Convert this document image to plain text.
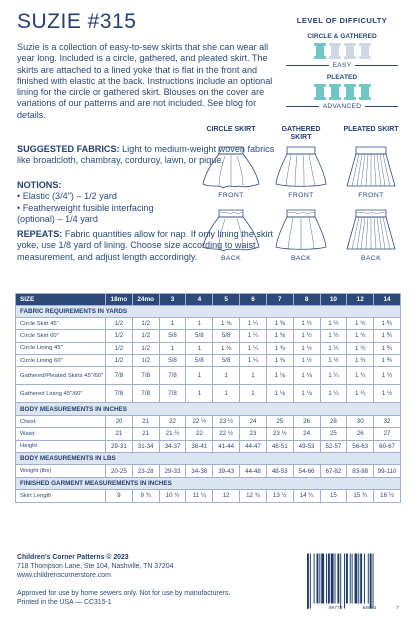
SUZIE #315

Suzie is a collection of easy-to-sew skirts that she can wear all year long. Included is a circle, gathered, and pleated skirt. The skirts are attached to a lined yoke that is flat in the front and finished with elastic at the back. Instructions include an optional lining for the circle or gathered skirt. Blouses on the cover are variations of our patterns and are not included. See blog for details.

SUGGESTED FABRICS: Light to medium-weight woven fabrics like broadcloth, chambray, corduroy, lawn, or pique.

NOTIONS:
• Elastic (3/4") – 1/2 yard
• Featherweight fusible interfacing (optional) – 1/4 yard

REPEATS: Fabric quantities allow for nap. If only lining the skirt yoke, use 1/8 yard of lining. Choose size according to waist measurement, and adjust length accordingly.

LEVEL OF DIFFICULTY
CIRCLE & GATHERED
EASY
PLEATED
ADVANCED
CIRCLE SKIRT
FRONT
GATHERED SKIRT
FRONT
PLEATED SKIRT
FRONT
BACK	BACK	BACK
SIZE	18mo	24mo	3	4	5	6	7	8	10	12	14
FABRIC REQUIREMENTS IN YARDS											
Circle Skirt 45"	1/2	1/2	1	1	1 ⅛	1 ¼	1 ⅜	1 ½	1 ½	1 ¾	1 ⅗
Circle Skirt 60"	1/2	1/2	5/8	5/8	5/8	1 ¼	1 ⅜	1 ½	1 ½	1 ¾	1 ⅗
Circle Lining 45"	1/2	1/2	1	1	1 ⅛	1 ¼	1 ⅜	1 ½	1 ½	1 ¾	1 ⅗
Circle Lining 60"	1/2	1/2	5/8	5/8	5/8	1 ¼	1 ⅜	1 ½	1 ½	1 ¾	1 ⅗
Gathered/Pleated Skirts 45"/60"	7/8	7/8	7/8	1	1	1	1 ⅛	1 ⅛	1 ¼	1 ¼	1 ½
Gathered Lining 45"/60"	7/8	7/8	7/8	1	1	1	1 ⅛	1 ⅛	1 ¼	1 ¼	1 ½
BODY MEASUREMENTS IN INCHES											
Chest	20	21	22	22 ½	23 ½	24	25	26	28	30	32
Waist	21	21	21 ½	22	22 ½	23	23 ½	24	25	26	27
Height	29-31	31-34	34-37	38-41	41-44	44-47	48-51	49-53	52-57	56-63	60-67
BODY MEASUREMENTS IN LBS											
Weight (lbs)	20-25	23-28	29-33	34-38	39-43	44-48	48-53	54-66	67-82	83-98	99-110
FINISHED GARMENT MEASUREMENTS IN INCHES											
Skirt Length	9	9 ¾	10 ½	11 ¼	12	12 ¾	13 ½	14 ¼	15	15 ¾	16 ½
Children's Corner Patterns © 2023
718 Thompson Lane, Ste 104, Nashville, TN 37204
www.childrenscornerstore.com
Approved for use by home sewers only. Not for use by manufacturers.
Printed in the USA — CC315-1
1	09770	88883	7
